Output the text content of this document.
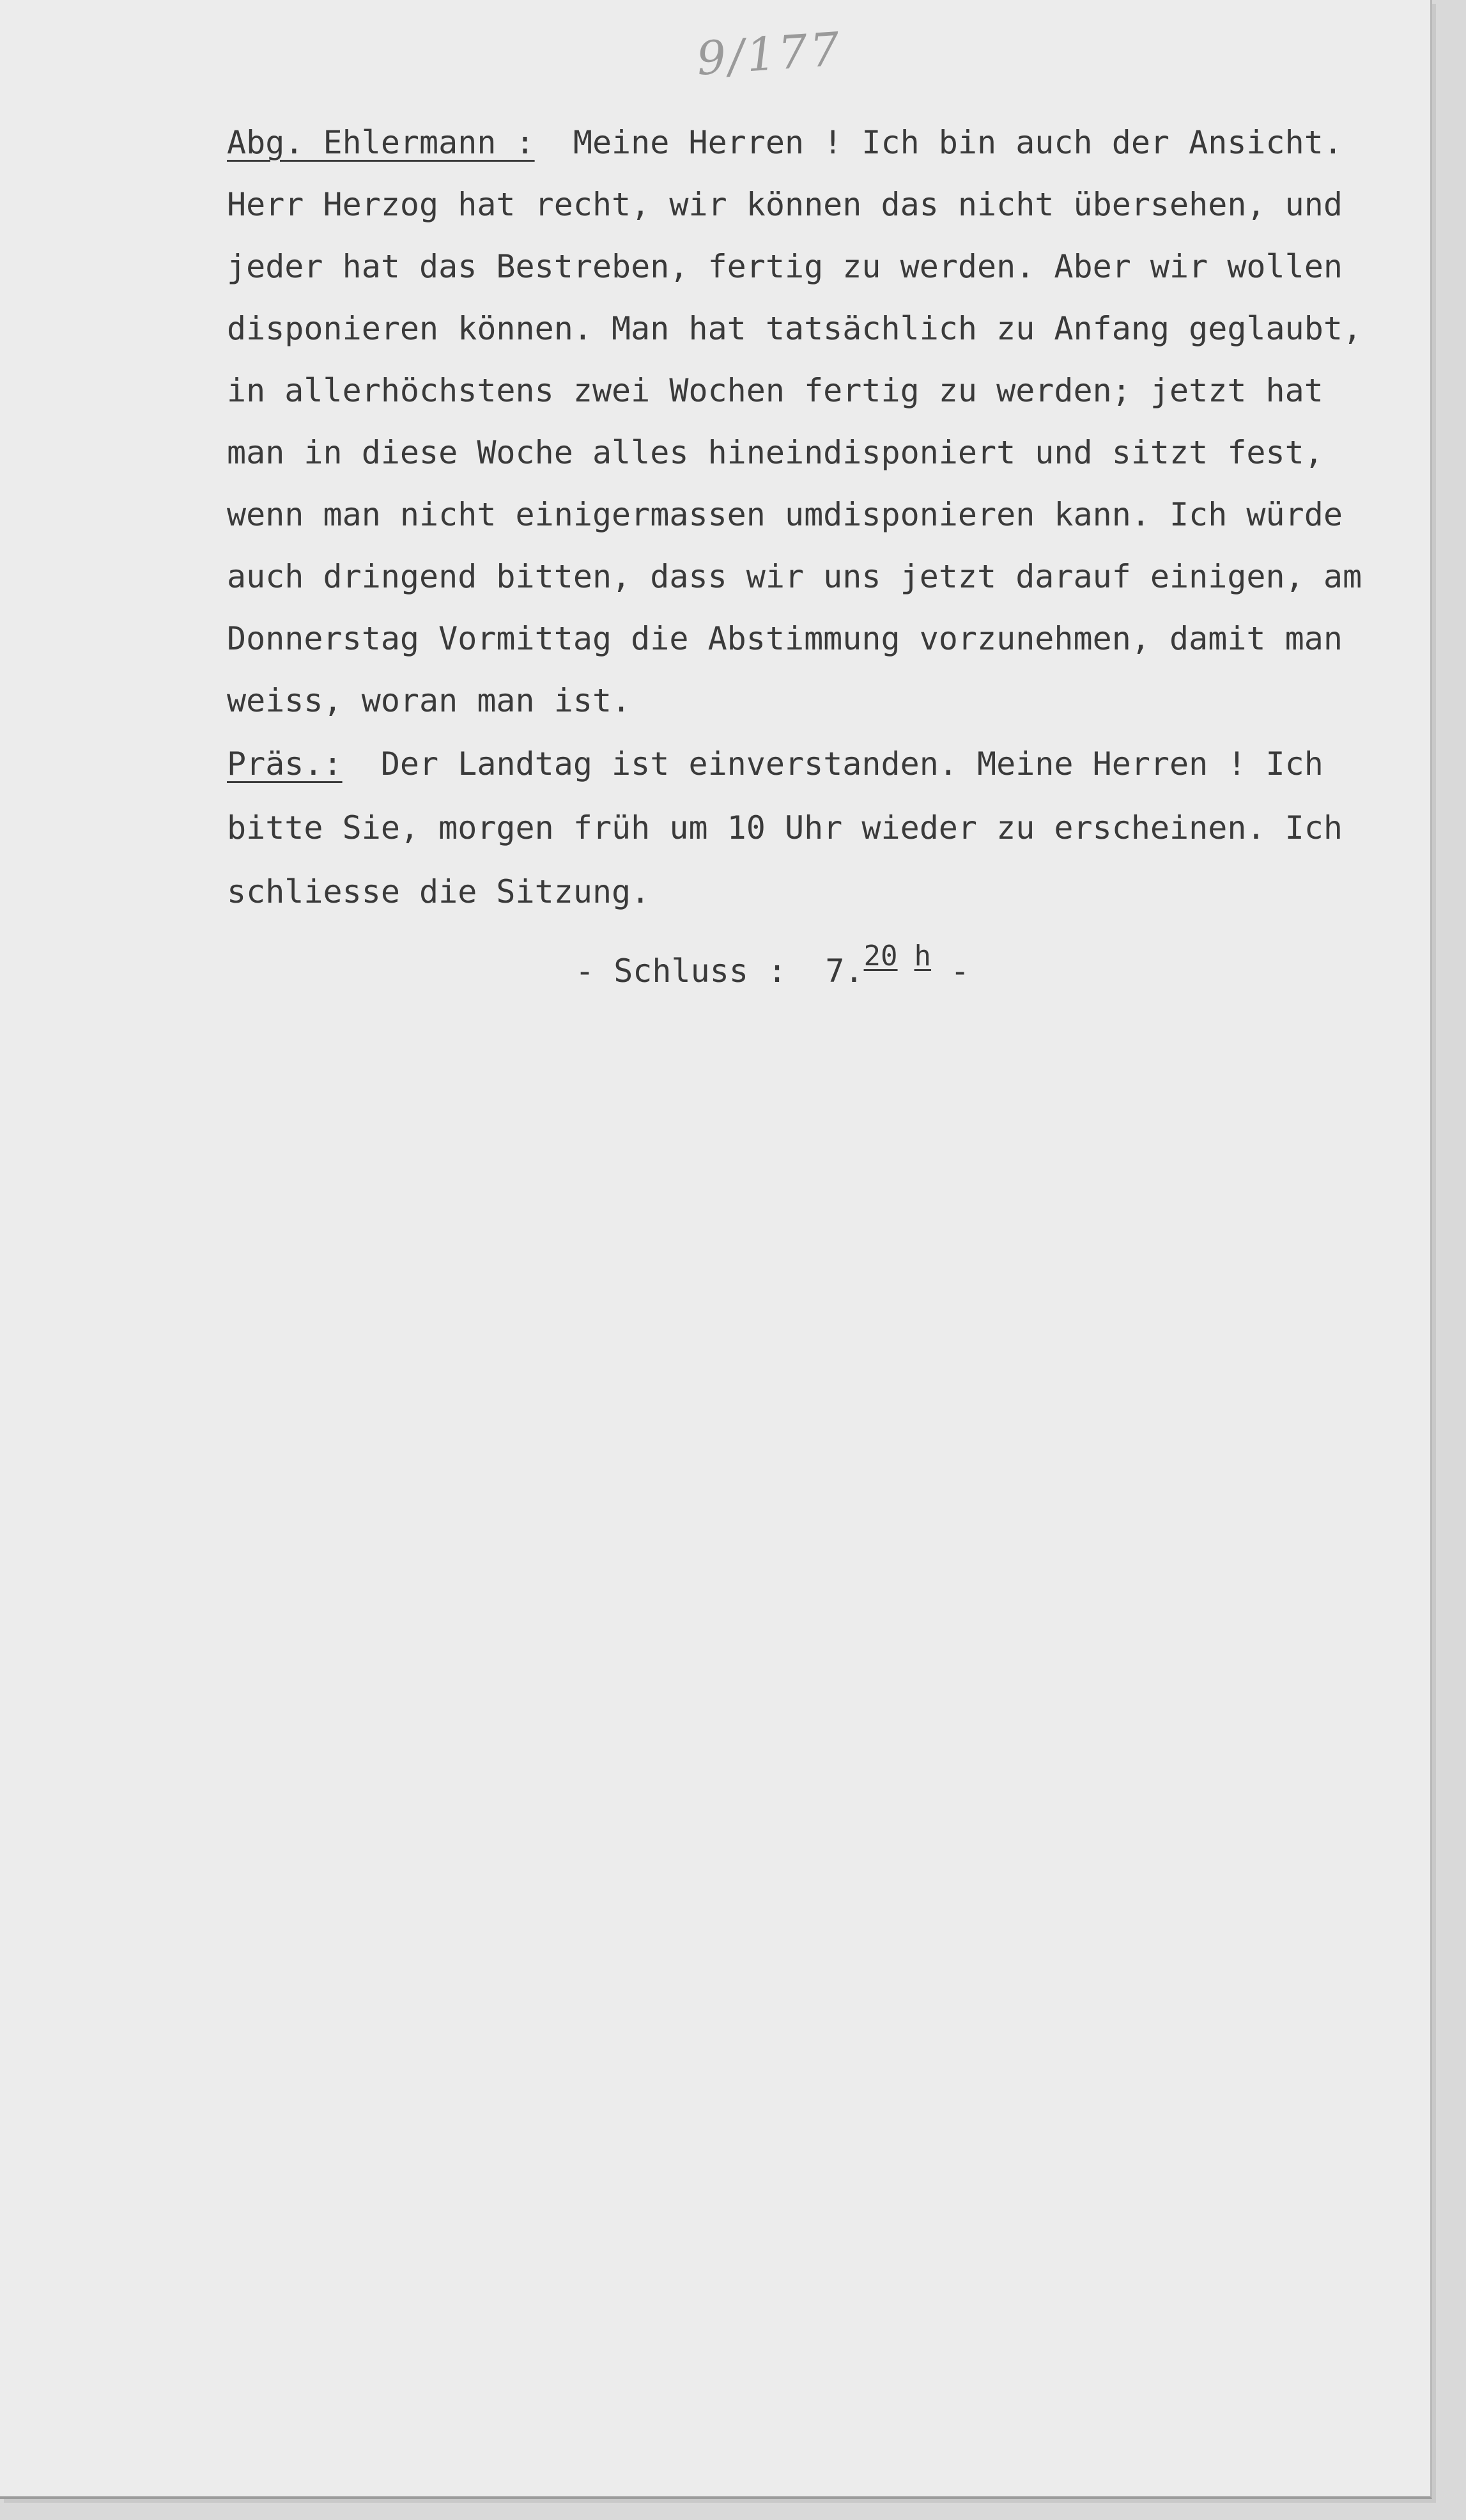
9/177

Abg. Ehlermann :  Meine Herren ! Ich bin auch der Ansicht.
Herr Herzog hat recht, wir können das nicht übersehen, und
jeder hat das Bestreben, fertig zu werden. Aber wir wollen
disponieren können. Man hat tatsächlich zu Anfang geglaubt,
in allerhöchstens zwei Wochen fertig zu werden; jetzt hat
man in diese Woche alles hineindisponiert und sitzt fest,
wenn man nicht einigermassen umdisponieren kann. Ich würde
auch dringend bitten, dass wir uns jetzt darauf einigen, am
Donnerstag Vormittag die Abstimmung vorzunehmen, damit man
weiss, woran man ist.

Präs.:  Der Landtag ist einverstanden. Meine Herren ! Ich
bitte Sie, morgen früh um 10 Uhr wieder zu erscheinen. Ich
schliesse die Sitzung.

- Schluss :  7.20 h -
